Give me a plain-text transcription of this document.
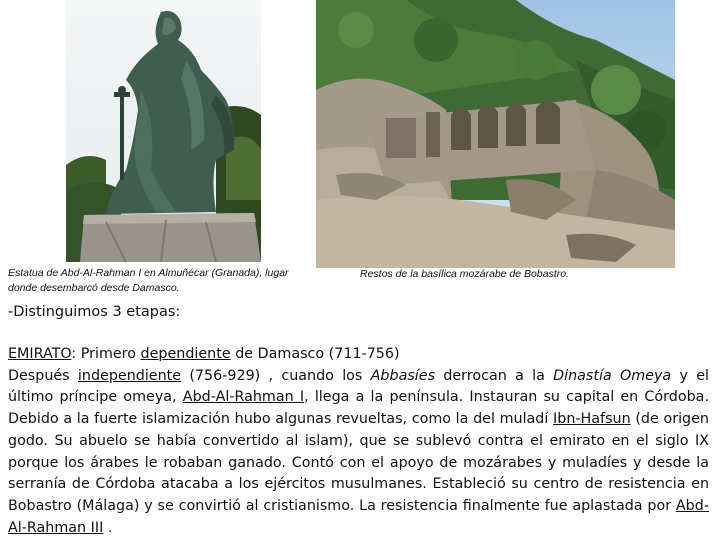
Estatua de Abd-Al-Rahman I en Almuñécar (Granada), lugar donde desembarcó desde Damasco.
Restos de la basílica mozárabe de Bobastro.
-Distinguimos 3 etapas:

EMIRATO: Primero dependiente de Damasco (711-756)

Después independiente (756-929) , cuando los Abbasíes derrocan a la Dinastía Omeya y el último príncipe omeya, Abd-Al-Rahman I, llega a la península. Instauran su capital en Córdoba. Debido a la fuerte islamización hubo algunas revueltas, como la del muladí Ibn-Hafsun (de origen godo. Su abuelo se había convertido al islam), que se sublevó contra el emirato en el siglo IX porque los árabes le robaban ganado. Contó con el apoyo de mozárabes y muladíes y desde la serranía de Córdoba atacaba a los ejércitos musulmanes. Estableció su centro de resistencia en Bobastro (Málaga) y se convirtió al cristianismo. La resistencia finalmente fue aplastada por Abd-Al-Rahman III .
